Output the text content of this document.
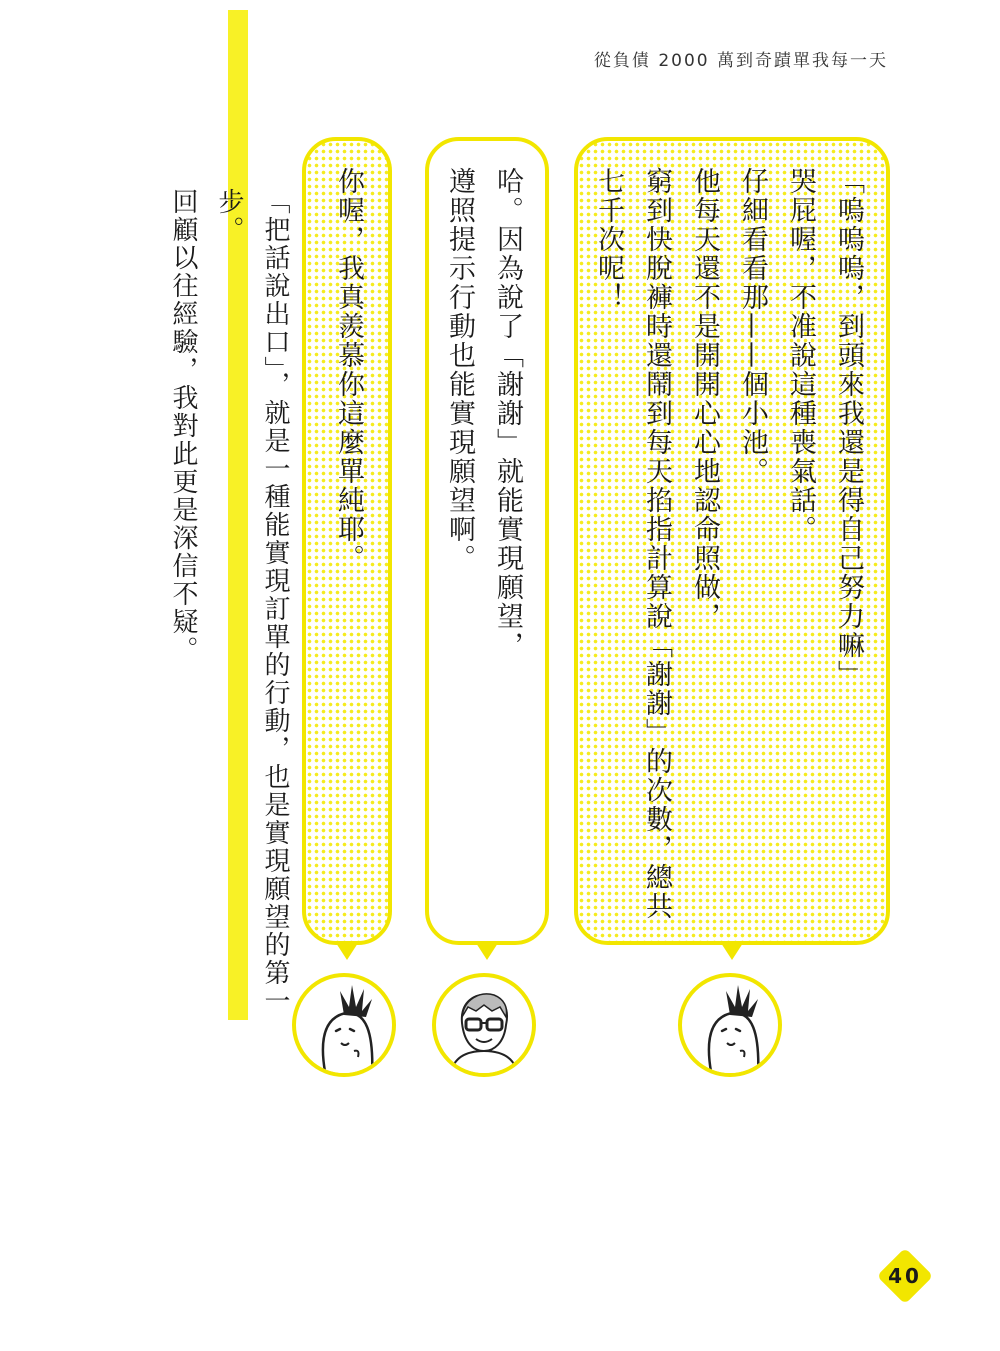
從負債 2000 萬到奇蹟單我每一天
「嗚嗚嗚，到頭來我還是得自己努力嘛」
哭屁喔，不准說這種喪氣話。
仔細看看那——個小池。
他每天還不是開開心心地認命照做，
窮到快脫褲時還鬧到每天掐指計算說「謝謝」的次數，總共
七千次呢！
哈。因為說了「謝謝」就能實現願望，
遵照提示行動也能實現願望啊。
你喔，我真羨慕你這麼單純耶。
「把話說出口」，就是一種能實現訂單的行動，也是實現願望的第一步。
回顧以往經驗，我對此更是深信不疑。
40
